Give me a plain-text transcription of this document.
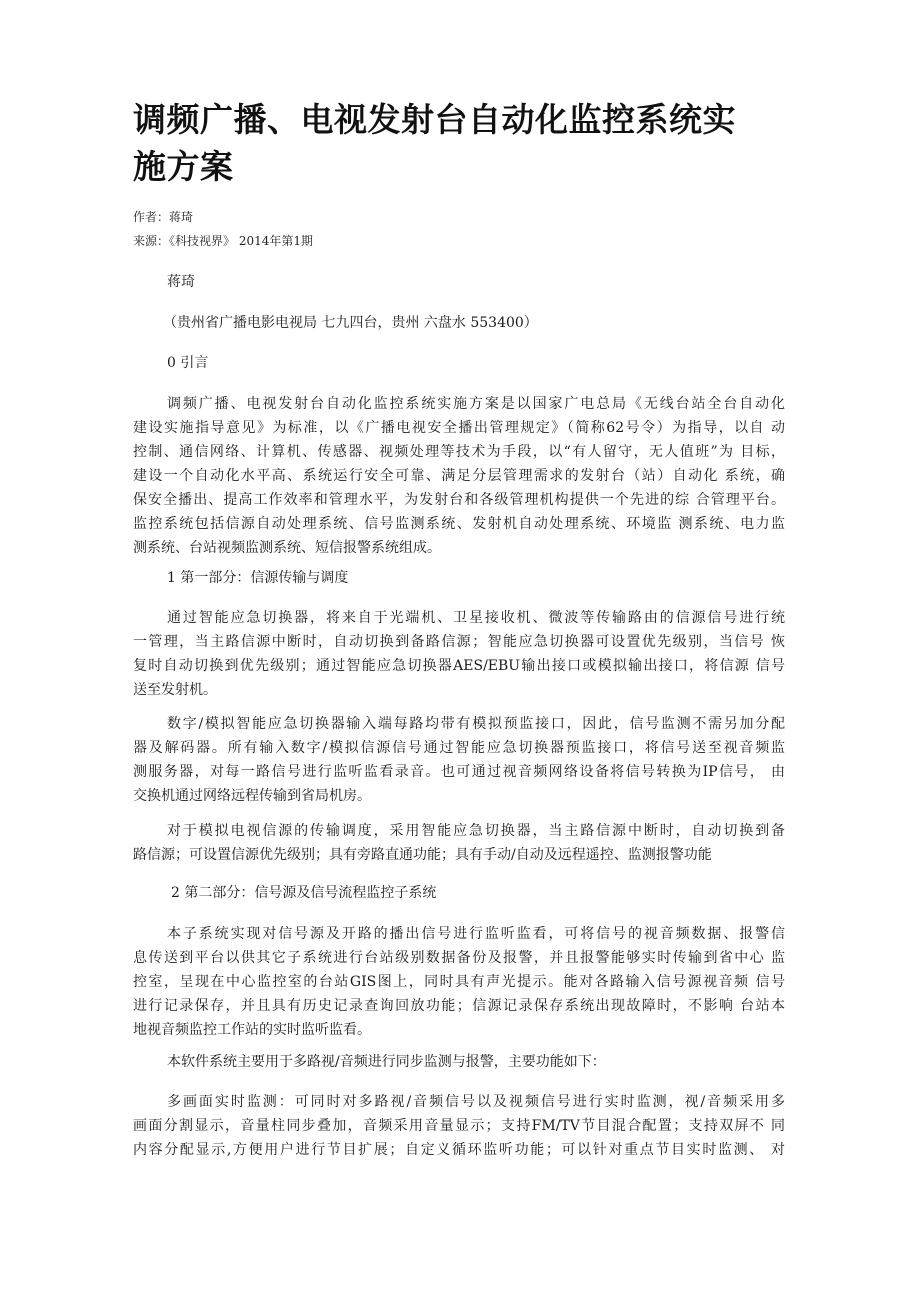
调频广播、电视发射台自动化监控系统实
施方案
作者：蒋琦
来源：《科技视界》 2014年第1期
蒋琦
（贵州省广播电影电视局 七九四台，贵州 六盘水 553400）
0 引言
调频广播、电视发射台自动化监控系统实施方案是以国家广电总局《无线台站全台自动化
建设实施指导意见》为标准，以《广播电视安全播出管理规定》（简称62号令）为指导，以自 动
控制、通信网络、计算机、传感器、视频处理等技术为手段，以“有人留守，无人值班”为 目标，
建设一个自动化水平高、系统运行安全可靠、满足分层管理需求的发射台（站）自动化 系统，确
保安全播出、提高工作效率和管理水平，为发射台和各级管理机构提供一个先进的综 合管理平台。
监控系统包括信源自动处理系统、信号监测系统、发射机自动处理系统、环境监 测系统、电力监
测系统、台站视频监测系统、短信报警系统组成。
1 第一部分：信源传输与调度
通过智能应急切换器，将来自于光端机、卫星接收机、微波等传输路由的信源信号进行统
一管理，当主路信源中断时，自动切换到备路信源；智能应急切换器可设置优先级别，当信号 恢
复时自动切换到优先级别；通过智能应急切换器AES/EBU输出接口或模拟输出接口，将信源 信号
送至发射机。
数字/模拟智能应急切换器输入端每路均带有模拟预监接口，因此，信号监测不需另加分配
器及解码器。所有输入数字/模拟信源信号通过智能应急切换器预监接口，将信号送至视音频监
测服务器，对每一路信号进行监听监看录音。也可通过视音频网络设备将信号转换为IP信号， 由
交换机通过网络远程传输到省局机房。
对于模拟电视信源的传输调度，采用智能应急切换器，当主路信源中断时，自动切换到备
路信源；可设置信源优先级别；具有旁路直通功能；具有手动/自动及远程遥控、监测报警功能
2 第二部分：信号源及信号流程监控子系统
本子系统实现对信号源及开路的播出信号进行监听监看，可将信号的视音频数据、报警信
息传送到平台以供其它子系统进行台站级别数据备份及报警，并且报警能够实时传输到省中心 监
控室，呈现在中心监控室的台站GIS图上，同时具有声光提示。能对各路输入信号源视音频 信号
进行记录保存，并且具有历史记录查询回放功能；信源记录保存系统出现故障时，不影响 台站本
地视音频监控工作站的实时监听监看。
本软件系统主要用于多路视/音频进行同步监测与报警，主要功能如下：
多画面实时监测：可同时对多路视/音频信号以及视频信号进行实时监测，视/音频采用多
画面分割显示，音量柱同步叠加，音频采用音量显示；支持FM/TV节目混合配置；支持双屏不 同
内容分配显示,方便用户进行节目扩展；自定义循环监听功能；可以针对重点节目实时监测、 对
